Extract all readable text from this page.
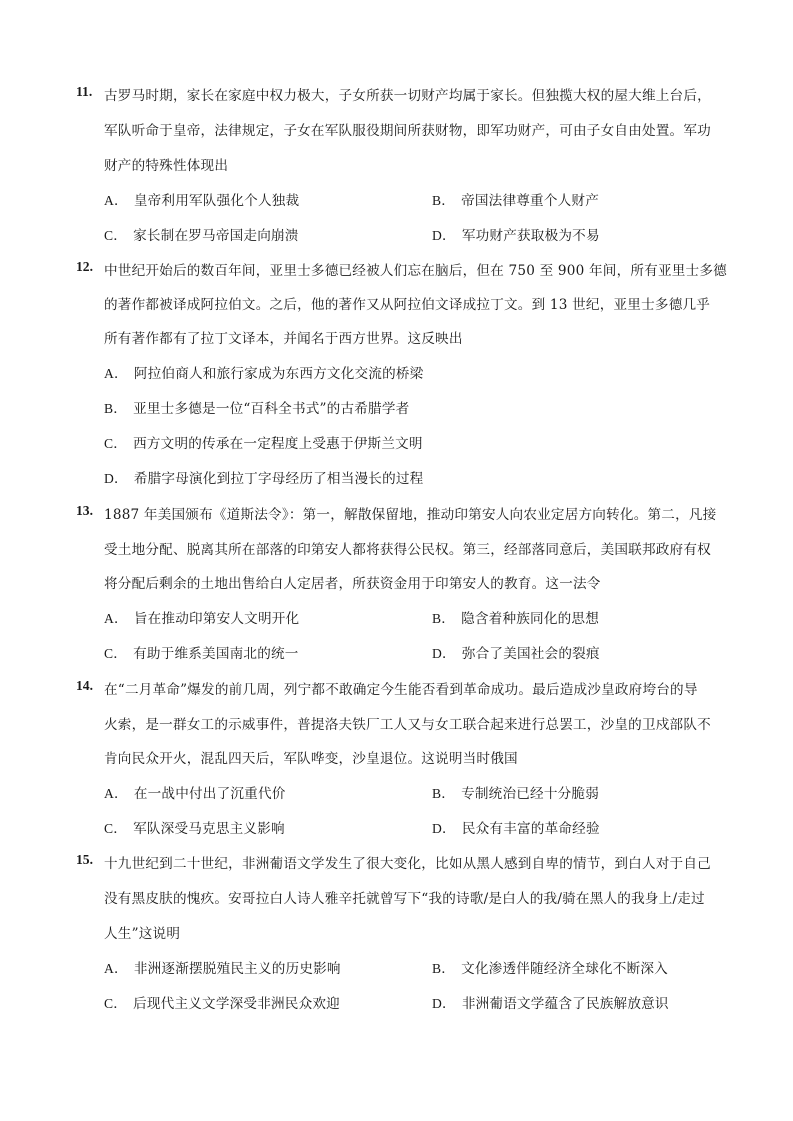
11. 古罗马时期，家长在家庭中权力极大，子女所获一切财产均属于家长。但独揽大权的屋大维上台后，
军队听命于皇帝，法律规定，子女在军队服役期间所获财物，即军功财产，可由子女自由处置。军功
财产的特殊性体现出
A． 皇帝利用军队强化个人独裁	B． 帝国法律尊重个人财产
C． 家长制在罗马帝国走向崩溃	D． 军功财产获取极为不易
12. 中世纪开始后的数百年间，亚里士多德已经被人们忘在脑后，但在 750 至 900 年间，所有亚里士多德
的著作都被译成阿拉伯文。之后，他的著作又从阿拉伯文译成拉丁文。到 13 世纪，亚里士多德几乎
所有著作都有了拉丁文译本，并闻名于西方世界。这反映出
A． 阿拉伯商人和旅行家成为东西方文化交流的桥梁
B． 亚里士多德是一位“百科全书式”的古希腊学者
C． 西方文明的传承在一定程度上受惠于伊斯兰文明
D． 希腊字母演化到拉丁字母经历了相当漫长的过程
13. 1887 年美国颁布《道斯法令》：第一，解散保留地，推动印第安人向农业定居方向转化。第二，凡接
受土地分配、脱离其所在部落的印第安人都将获得公民权。第三，经部落同意后，美国联邦政府有权
将分配后剩余的土地出售给白人定居者，所获资金用于印第安人的教育。这一法令
A． 旨在推动印第安人文明开化	B． 隐含着种族同化的思想
C． 有助于维系美国南北的统一	D． 弥合了美国社会的裂痕
14. 在“二月革命”爆发的前几周，列宁都不敢确定今生能否看到革命成功。最后造成沙皇政府垮台的导
火索，是一群女工的示威事件，普提洛夫铁厂工人又与女工联合起来进行总罢工，沙皇的卫戍部队不
肯向民众开火，混乱四天后，军队哗变，沙皇退位。这说明当时俄国
A． 在一战中付出了沉重代价	B． 专制统治已经十分脆弱
C． 军队深受马克思主义影响	D． 民众有丰富的革命经验
15. 十九世纪到二十世纪，非洲葡语文学发生了很大变化，比如从黑人感到自卑的情节，到白人对于自己
没有黑皮肤的愧疚。安哥拉白人诗人雅辛托就曾写下“我的诗歌/是白人的我/骑在黑人的我身上/走过
人生”这说明
A． 非洲逐渐摆脱殖民主义的历史影响	B． 文化渗透伴随经济全球化不断深入
C． 后现代主义文学深受非洲民众欢迎	D． 非洲葡语文学蕴含了民族解放意识
